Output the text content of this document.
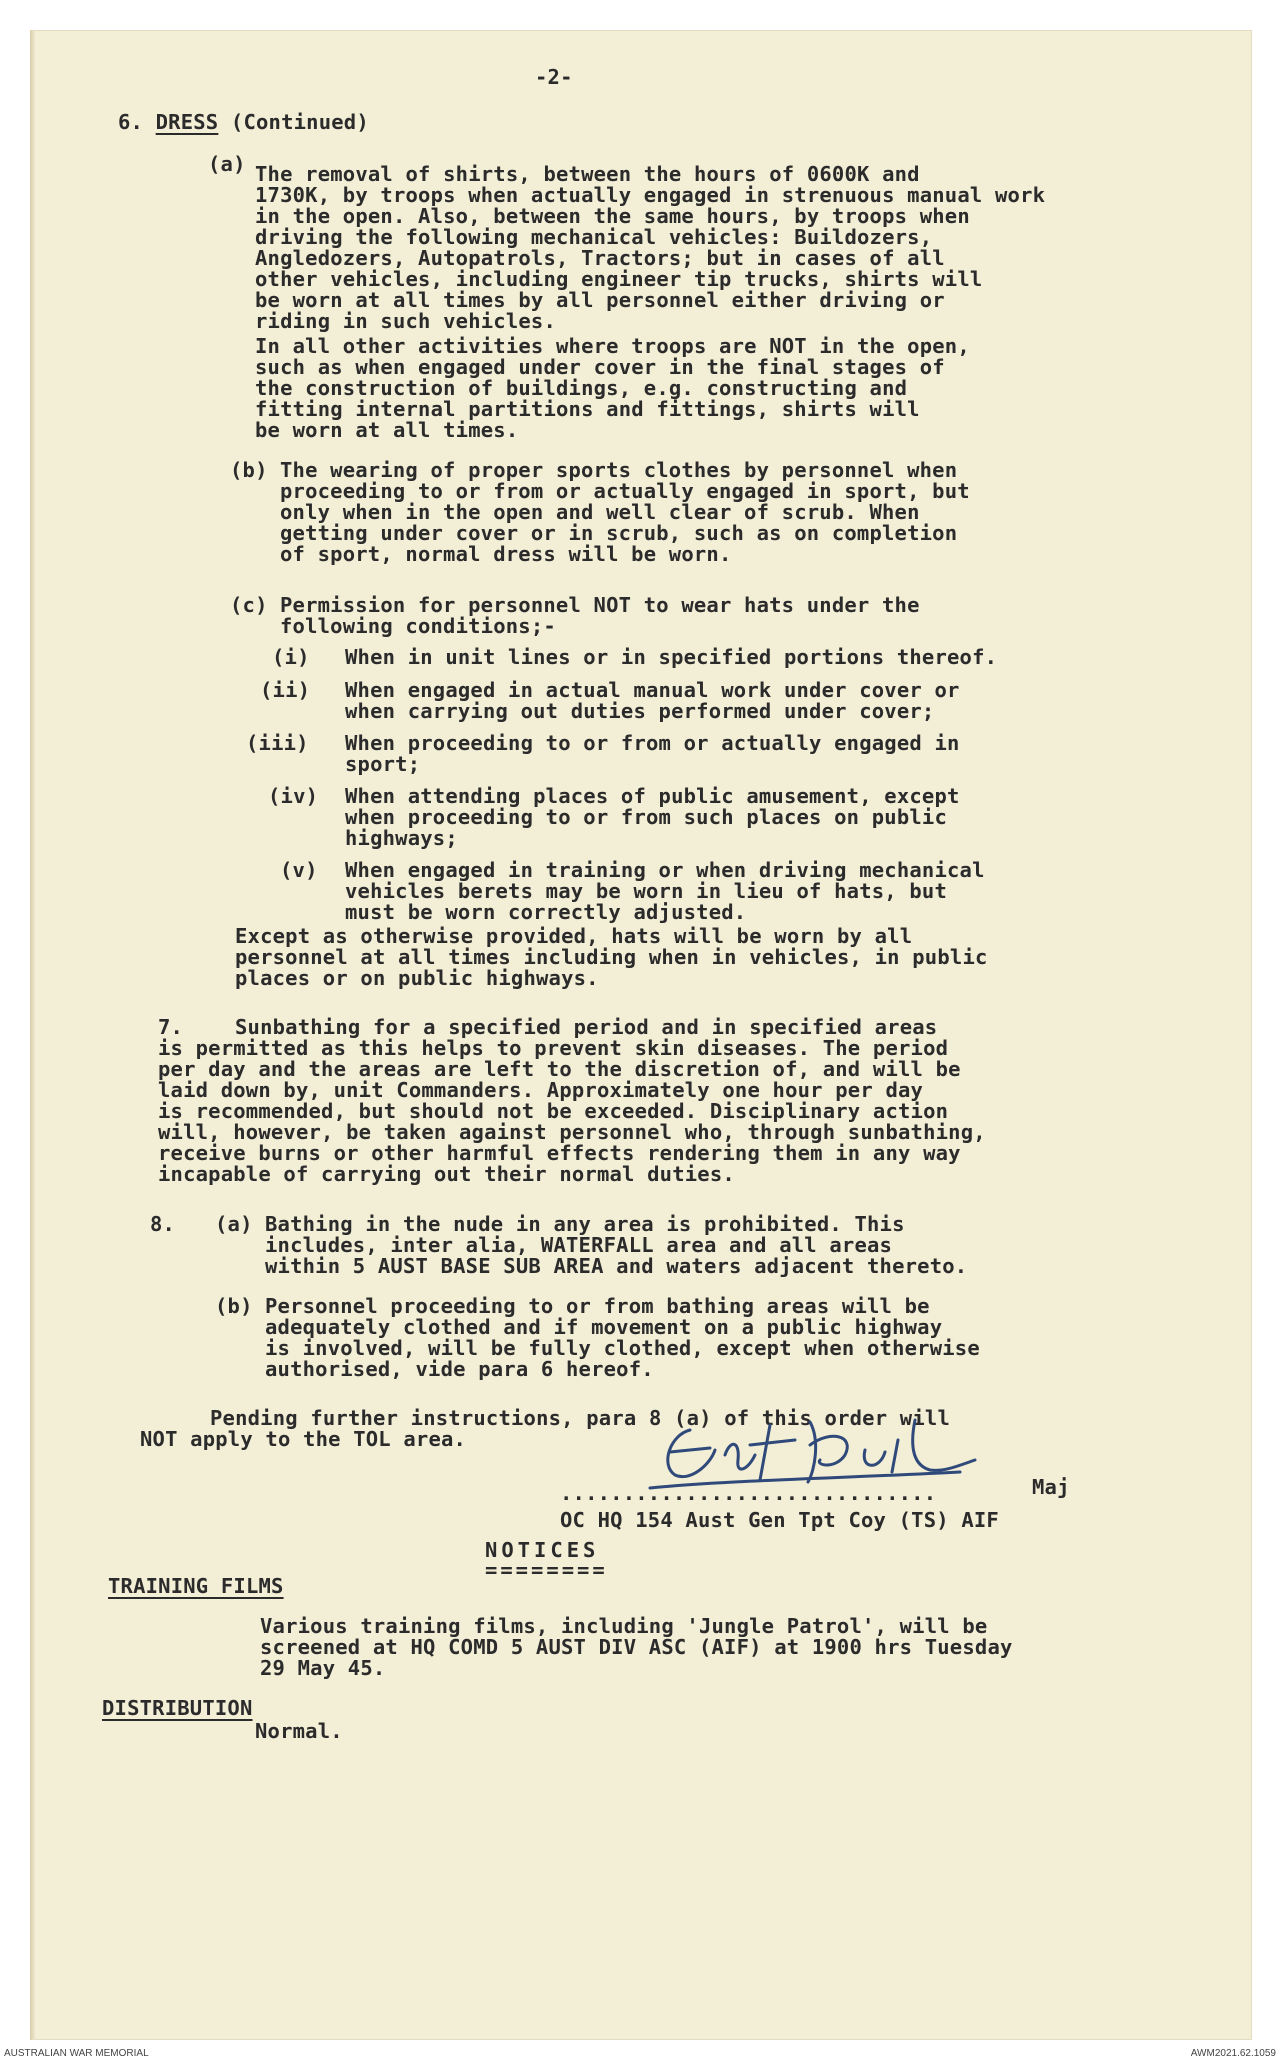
-2-
6. DRESS (Continued)
(a) The removal of shirts, between the hours of 0600K and
1730K, by troops when actually engaged in strenuous manual work
in the open. Also, between the same hours, by troops when
driving the following mechanical vehicles: Buildozers,
Angledozers, Autopatrols, Tractors; but in cases of all
other vehicles, including engineer tip trucks, shirts will
be worn at all times by all personnel either driving or
riding in such vehicles.
In all other activities where troops are NOT in the open,
such as when engaged under cover in the final stages of
the construction of buildings, e.g. constructing and
fitting internal partitions and fittings, shirts will
be worn at all times.
(b) The wearing of proper sports clothes by personnel when
proceeding to or from or actually engaged in sport, but
only when in the open and well clear of scrub. When
getting under cover or in scrub, such as on completion
of sport, normal dress will be worn.
(c) Permission for personnel NOT to wear hats under the
following conditions;-
(i) When in unit lines or in specified portions thereof.
(ii) When engaged in actual manual work under cover or
when carrying out duties performed under cover;
(iii) When proceeding to or from or actually engaged in
sport;
(iv) When attending places of public amusement, except
when proceeding to or from such places on public
highways;
(v) When engaged in training or when driving mechanical
vehicles berets may be worn in lieu of hats, but
must be worn correctly adjusted.
Except as otherwise provided, hats will be worn by all
personnel at all times including when in vehicles, in public
places or on public highways.
7.	Sunbathing for a specified period and in specified areas
is permitted as this helps to prevent skin diseases. The period
per day and the areas are left to the discretion of, and will be
laid down by, unit Commanders. Approximately one hour per day
is recommended, but should not be exceeded. Disciplinary action
will, however, be taken against personnel who, through sunbathing,
receive burns or other harmful effects rendering them in any way
incapable of carrying out their normal duties.
8. (a) Bathing in the nude in any area is prohibited. This
includes, inter alia, WATERFALL area and all areas
within 5 AUST BASE SUB AREA and waters adjacent thereto.
(b) Personnel proceeding to or from bathing areas will be
adequately clothed and if movement on a public highway
is involved, will be fully clothed, except when otherwise
authorised, vide para 6 hereof.
Pending further instructions, para 8 (a) of this order will
NOT apply to the TOL area.
..............................	Maj
OC HQ 154 Aust Gen Tpt Coy (TS) AIF
NOTICES
========
TRAINING FILMS
Various training films, including 'Jungle Patrol', will be
screened at HQ COMD 5 AUST DIV ASC (AIF) at 1900 hrs Tuesday
29 May 45.
DISTRIBUTION
Normal.
AUSTRALIAN WAR MEMORIAL	AWM2021.62.1059
